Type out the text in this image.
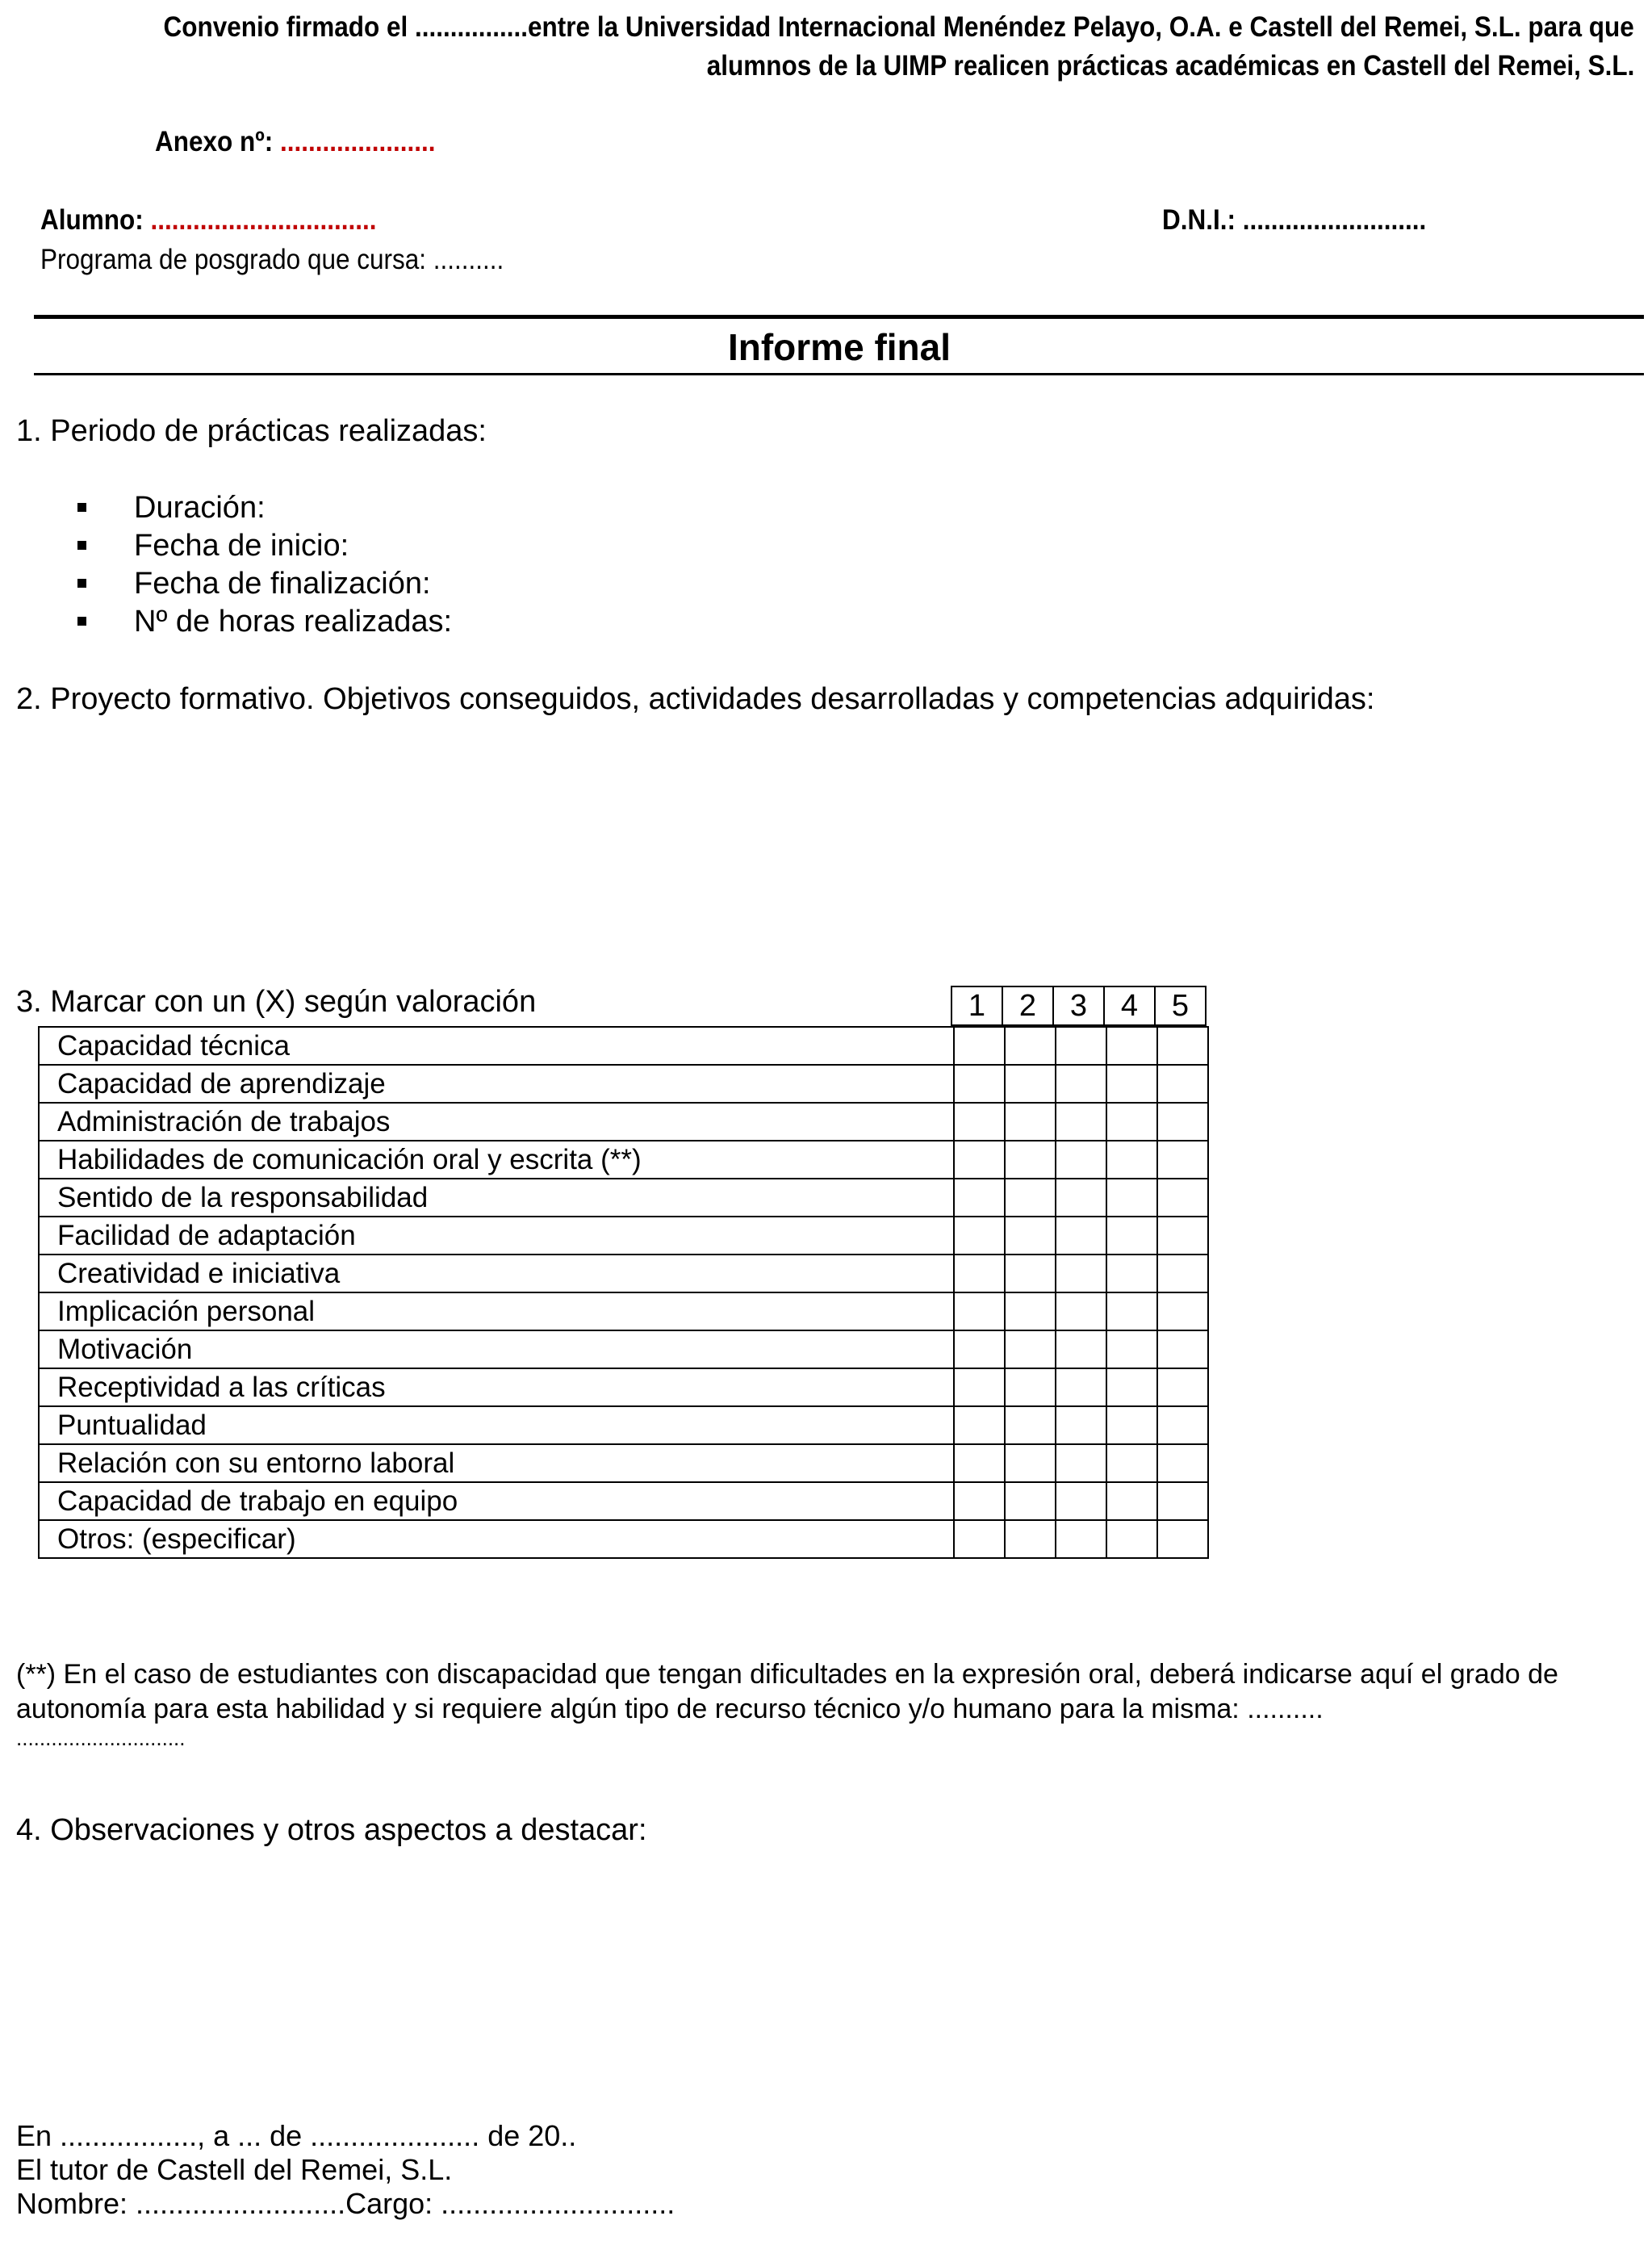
Convenio firmado el ................entre la Universidad Internacional Menéndez Pelayo, O.A. e Castell del Remei, S.L. para que
alumnos de la UIMP realicen prácticas académicas en Castell del Remei, S.L.
Anexo nº: ......................
Alumno: ................................	D.N.I.: ..........................
Programa de posgrado que cursa: ..........
Informe final
1. Periodo de prácticas realizadas:
Duración:
Fecha de inicio:
Fecha de finalización:
Nº de horas realizadas:
2. Proyecto formativo. Objetivos conseguidos, actividades desarrolladas y competencias adquiridas:
3. Marcar con un (X) según valoración	1	2	3	4	5
Capacidad técnica					
Capacidad de aprendizaje					
Administración de trabajos					
Habilidades de comunicación oral y escrita (**)					
Sentido de la responsabilidad					
Facilidad de adaptación					
Creatividad e iniciativa					
Implicación personal					
Motivación					
Receptividad a las críticas					
Puntualidad					
Relación con su entorno laboral					
Capacidad de trabajo en equipo					
Otros: (especificar)					
(**) En el caso de estudiantes con discapacidad que tengan dificultades en la expresión oral, deberá indicarse aquí el grado de autonomía para esta habilidad y si requiere algún tipo de recurso técnico y/o humano para la misma: ..........
.............................
4. Observaciones y otros aspectos a destacar:
En ................., a ... de ..................... de 20..
El tutor de Castell del Remei, S.L.
Nombre: ..........................Cargo: .............................
